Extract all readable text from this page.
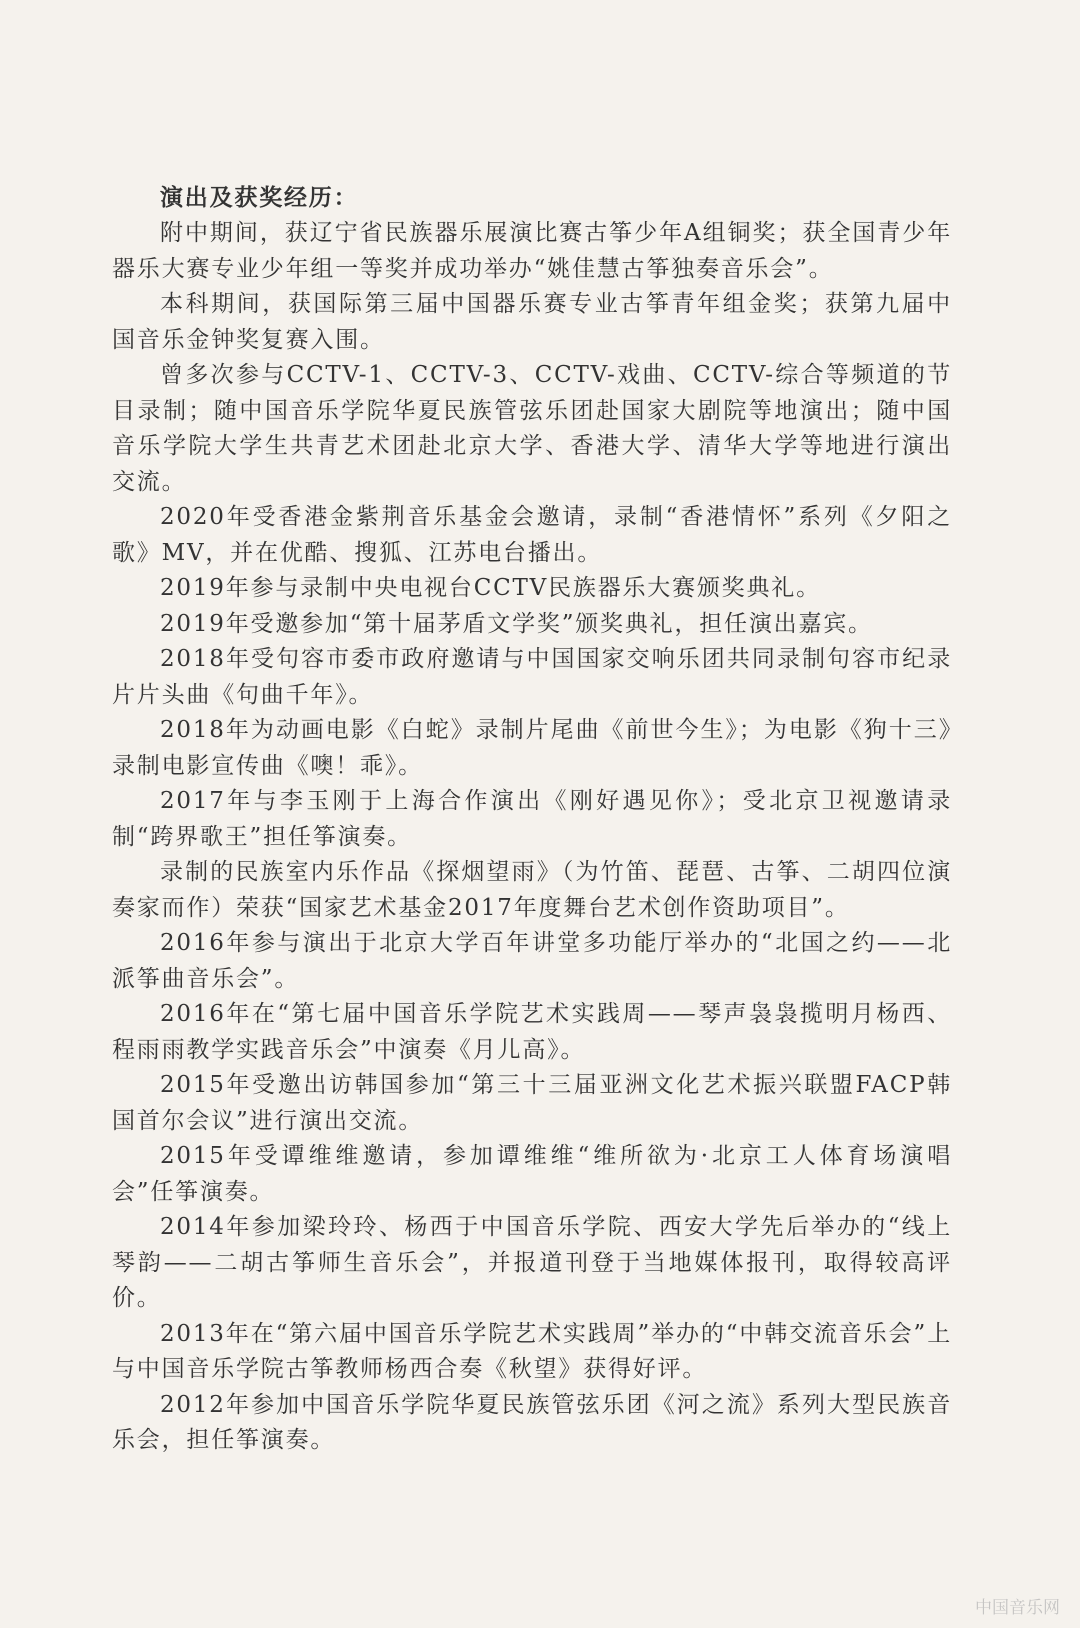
演出及获奖经历：

附中期间，获辽宁省民族器乐展演比赛古筝少年A组铜奖；获全国青少年器乐大赛专业少年组一等奖并成功举办“姚佳慧古筝独奏音乐会”。

本科期间，获国际第三届中国器乐赛专业古筝青年组金奖；获第九届中国音乐金钟奖复赛入围。

曾多次参与CCTV-1、CCTV-3、CCTV-戏曲、CCTV-综合等频道的节目录制；随中国音乐学院华夏民族管弦乐团赴国家大剧院等地演出；随中国音乐学院大学生共青艺术团赴北京大学、香港大学、清华大学等地进行演出交流。

2020年受香港金紫荆音乐基金会邀请，录制“香港情怀”系列《夕阳之歌》MV，并在优酷、搜狐、江苏电台播出。

2019年参与录制中央电视台CCTV民族器乐大赛颁奖典礼。

2019年受邀参加“第十届茅盾文学奖”颁奖典礼，担任演出嘉宾。

2018年受句容市委市政府邀请与中国国家交响乐团共同录制句容市纪录片片头曲《句曲千年》。

2018年为动画电影《白蛇》录制片尾曲《前世今生》；为电影《狗十三》录制电影宣传曲《噢！乖》。

2017年与李玉刚于上海合作演出《刚好遇见你》；受北京卫视邀请录制“跨界歌王”担任筝演奏。

录制的民族室内乐作品《探烟望雨》（为竹笛、琵琶、古筝、二胡四位演奏家而作）荣获“国家艺术基金2017年度舞台艺术创作资助项目”。

2016年参与演出于北京大学百年讲堂多功能厅举办的“北国之约——北派筝曲音乐会”。

2016年在“第七届中国音乐学院艺术实践周——琴声袅袅揽明月杨西、程雨雨教学实践音乐会”中演奏《月儿高》。

2015年受邀出访韩国参加“第三十三届亚洲文化艺术振兴联盟FACP韩国首尔会议”进行演出交流。

2015年受谭维维邀请，参加谭维维“维所欲为·北京工人体育场演唱会”任筝演奏。

2014年参加梁玲玲、杨西于中国音乐学院、西安大学先后举办的“线上琴韵——二胡古筝师生音乐会”，并报道刊登于当地媒体报刊，取得较高评价。

2013年在“第六届中国音乐学院艺术实践周”举办的“中韩交流音乐会”上与中国音乐学院古筝教师杨西合奏《秋望》获得好评。

2012年参加中国音乐学院华夏民族管弦乐团《河之流》系列大型民族音乐会，担任筝演奏。

中国音乐网
